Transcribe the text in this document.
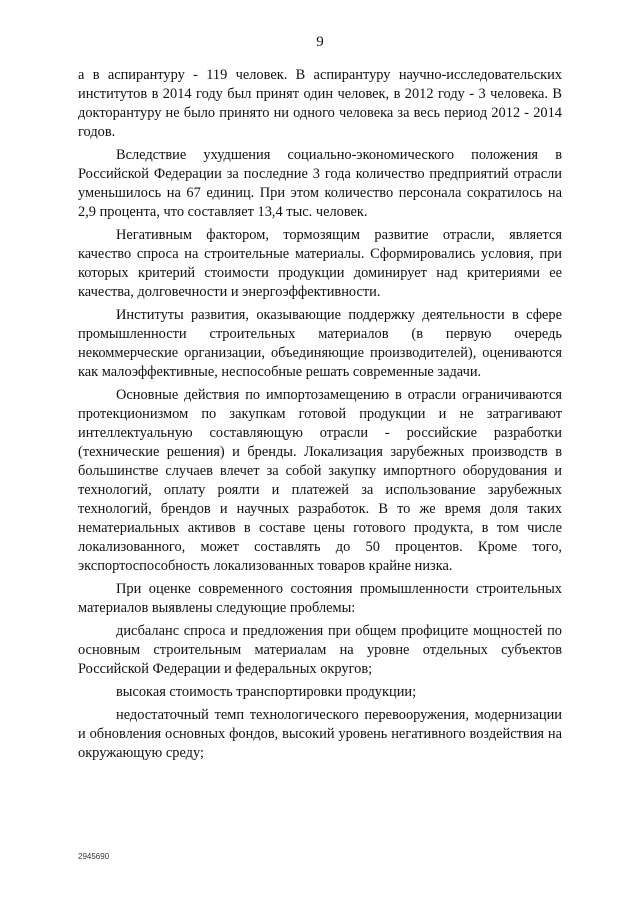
9

а в аспирантуру - 119 человек. В аспирантуру научно-исследовательских институтов в 2014 году был принят один человек, в 2012 году - 3 человека. В докторантуру не было принято ни одного человека за весь период 2012 - 2014 годов.

Вследствие ухудшения социально-экономического положения в Российской Федерации за последние 3 года количество предприятий отрасли уменьшилось на 67 единиц. При этом количество персонала сократилось на 2,9 процента, что составляет 13,4 тыс. человек.

Негативным фактором, тормозящим развитие отрасли, является качество спроса на строительные материалы. Сформировались условия, при которых критерий стоимости продукции доминирует над критериями ее качества, долговечности и энергоэффективности.

Институты развития, оказывающие поддержку деятельности в сфере промышленности строительных материалов (в первую очередь некоммерческие организации, объединяющие производителей), оцениваются как малоэффективные, неспособные решать современные задачи.

Основные действия по импортозамещению в отрасли ограничиваются протекционизмом по закупкам готовой продукции и не затрагивают интеллектуальную составляющую отрасли - российские разработки (технические решения) и бренды. Локализация зарубежных производств в большинстве случаев влечет за собой закупку импортного оборудования и технологий, оплату роялти и платежей за использование зарубежных технологий, брендов и научных разработок. В то же время доля таких нематериальных активов в составе цены готового продукта, в том числе локализованного, может составлять до 50 процентов. Кроме того, экспортоспособность локализованных товаров крайне низка.

При оценке современного состояния промышленности строительных материалов выявлены следующие проблемы:

дисбаланс спроса и предложения при общем профиците мощностей по основным строительным материалам на уровне отдельных субъектов Российской Федерации и федеральных округов;

высокая стоимость транспортировки продукции;

недостаточный темп технологического перевооружения, модернизации и обновления основных фондов, высокий уровень негативного воздействия на окружающую среду;

2945690
